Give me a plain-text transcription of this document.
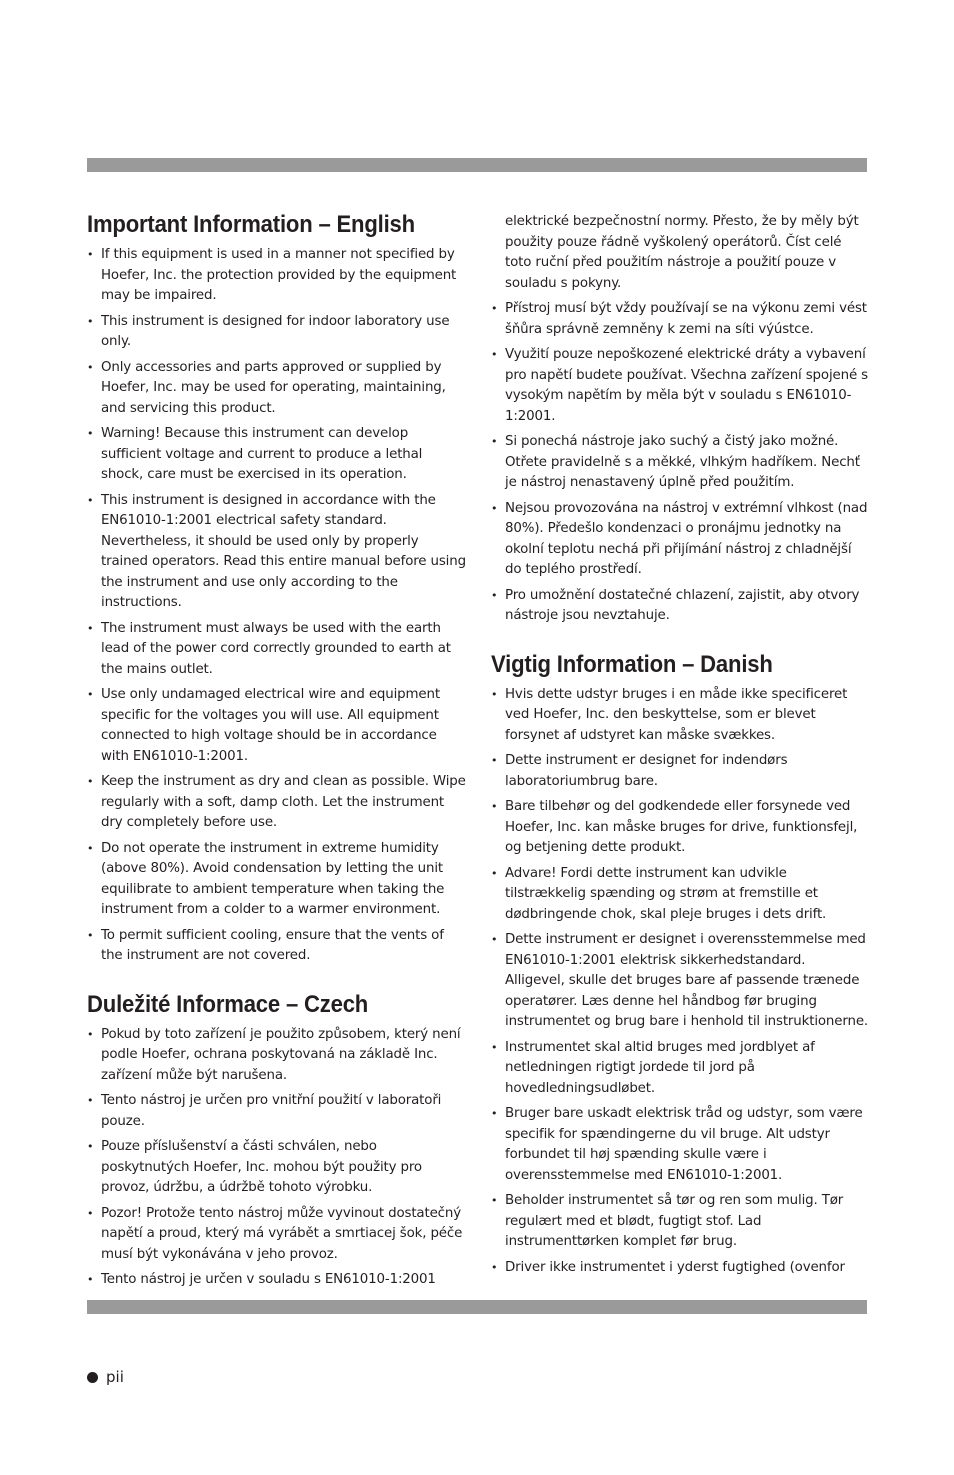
Important Information – English
• If this equipment is used in a manner not specified by Hoefer, Inc. the protection provided by the equipment may be impaired.
• This instrument is designed for indoor laboratory use only.
• Only accessories and parts approved or supplied by Hoefer, Inc. may be used for operating, maintaining, and servicing this product.
• Warning! Because this instrument can develop sufficient voltage and current to produce a lethal shock, care must be exercised in its operation.
• This instrument is designed in accordance with the EN61010-1:2001 electrical safety standard. Nevertheless, it should be used only by properly trained operators. Read this entire manual before using the instrument and use only according to the instructions.
• The instrument must always be used with the earth lead of the power cord correctly grounded to earth at the mains outlet.
• Use only undamaged electrical wire and equipment specific for the voltages you will use. All equipment connected to high voltage should be in accordance with EN61010-1:2001.
• Keep the instrument as dry and clean as possible. Wipe regularly with a soft, damp cloth. Let the instrument dry completely before use.
• Do not operate the instrument in extreme humidity (above 80%). Avoid condensation by letting the unit equilibrate to ambient temperature when taking the instrument from a colder to a warmer environment.
• To permit sufficient cooling, ensure that the vents of the instrument are not covered.
Duležité Informace – Czech
• Pokud by toto zařízení je použito způsobem, který není podle Hoefer, ochrana poskytovaná na základě Inc. zařízení může být narušena.
• Tento nástroj je určen pro vnitřní použití v laboratoři pouze.
• Pouze příslušenství a části schválen, nebo poskytnutých Hoefer, Inc. mohou být použity pro provoz, údržbu, a údržbě tohoto výrobku.
• Pozor! Protože tento nástroj může vyvinout dostatečný napětí a proud, který má vyrábět a smrtiacej šok, péče musí být vykonávána v jeho provoz.
• Tento nástroj je určen v souladu s EN61010-1:2001
elektrické bezpečnostní normy. Přesto, že by měly být použity pouze řádně vyškolený operátorů. Číst celé toto ruční před použitím nástroje a použití pouze v souladu s pokyny.
• Přístroj musí být vždy používají se na výkonu zemi vést šňůra správně zemněny k zemi na síti výústce.
• Využití pouze nepoškozené elektrické dráty a vybavení pro napětí budete používat. Všechna zařízení spojené s vysokým napětím by měla být v souladu s EN61010-1:2001.
• Si ponechá nástroje jako suchý a čistý jako možné. Otřete pravidelně s a měkké, vlhkým hadříkem. Nechť je nástroj nenastavený úplně před použitím.
• Nejsou provozována na nástroj v extrémní vlhkost (nad 80%). Předešlo kondenzaci o pronájmu jednotky na okolní teplotu nechá při přijímání nástroj z chladnější do teplého prostředí.
• Pro umožnění dostatečné chlazení, zajistit, aby otvory nástroje jsou nevztahuje.
Vigtig Information – Danish
• Hvis dette udstyr bruges i en måde ikke specificeret ved Hoefer, Inc. den beskyttelse, som er blevet forsynet af udstyret kan måske svækkes.
• Dette instrument er designet for indendørs laboratoriumbrug bare.
• Bare tilbehør og del godkendede eller forsynede ved Hoefer, Inc. kan måske bruges for drive, funktionsfejl, og betjening dette produkt.
• Advare! Fordi dette instrument kan udvikle tilstrækkelig spænding og strøm at fremstille et dødbringende chok, skal pleje bruges i dets drift.
• Dette instrument er designet i overensstemmelse med EN61010-1:2001 elektrisk sikkerhedstandard. Alligevel, skulle det bruges bare af passende trænede operatører. Læs denne hel håndbog før bruging instrumentet og brug bare i henhold til instruktionerne.
• Instrumentet skal altid bruges med jordblyet af netledningen rigtigt jordede til jord på hovedledningsudløbet.
• Bruger bare uskadt elektrisk tråd og udstyr, som være specifik for spændingerne du vil bruge. Alt udstyr forbundet til høj spænding skulle være i overensstemmelse med EN61010-1:2001.
• Beholder instrumentet så tør og ren som mulig. Tør regulært med et blødt, fugtigt stof. Lad instrumenttørken komplet før brug.
• Driver ikke instrumentet i yderst fugtighed (ovenfor
pii
